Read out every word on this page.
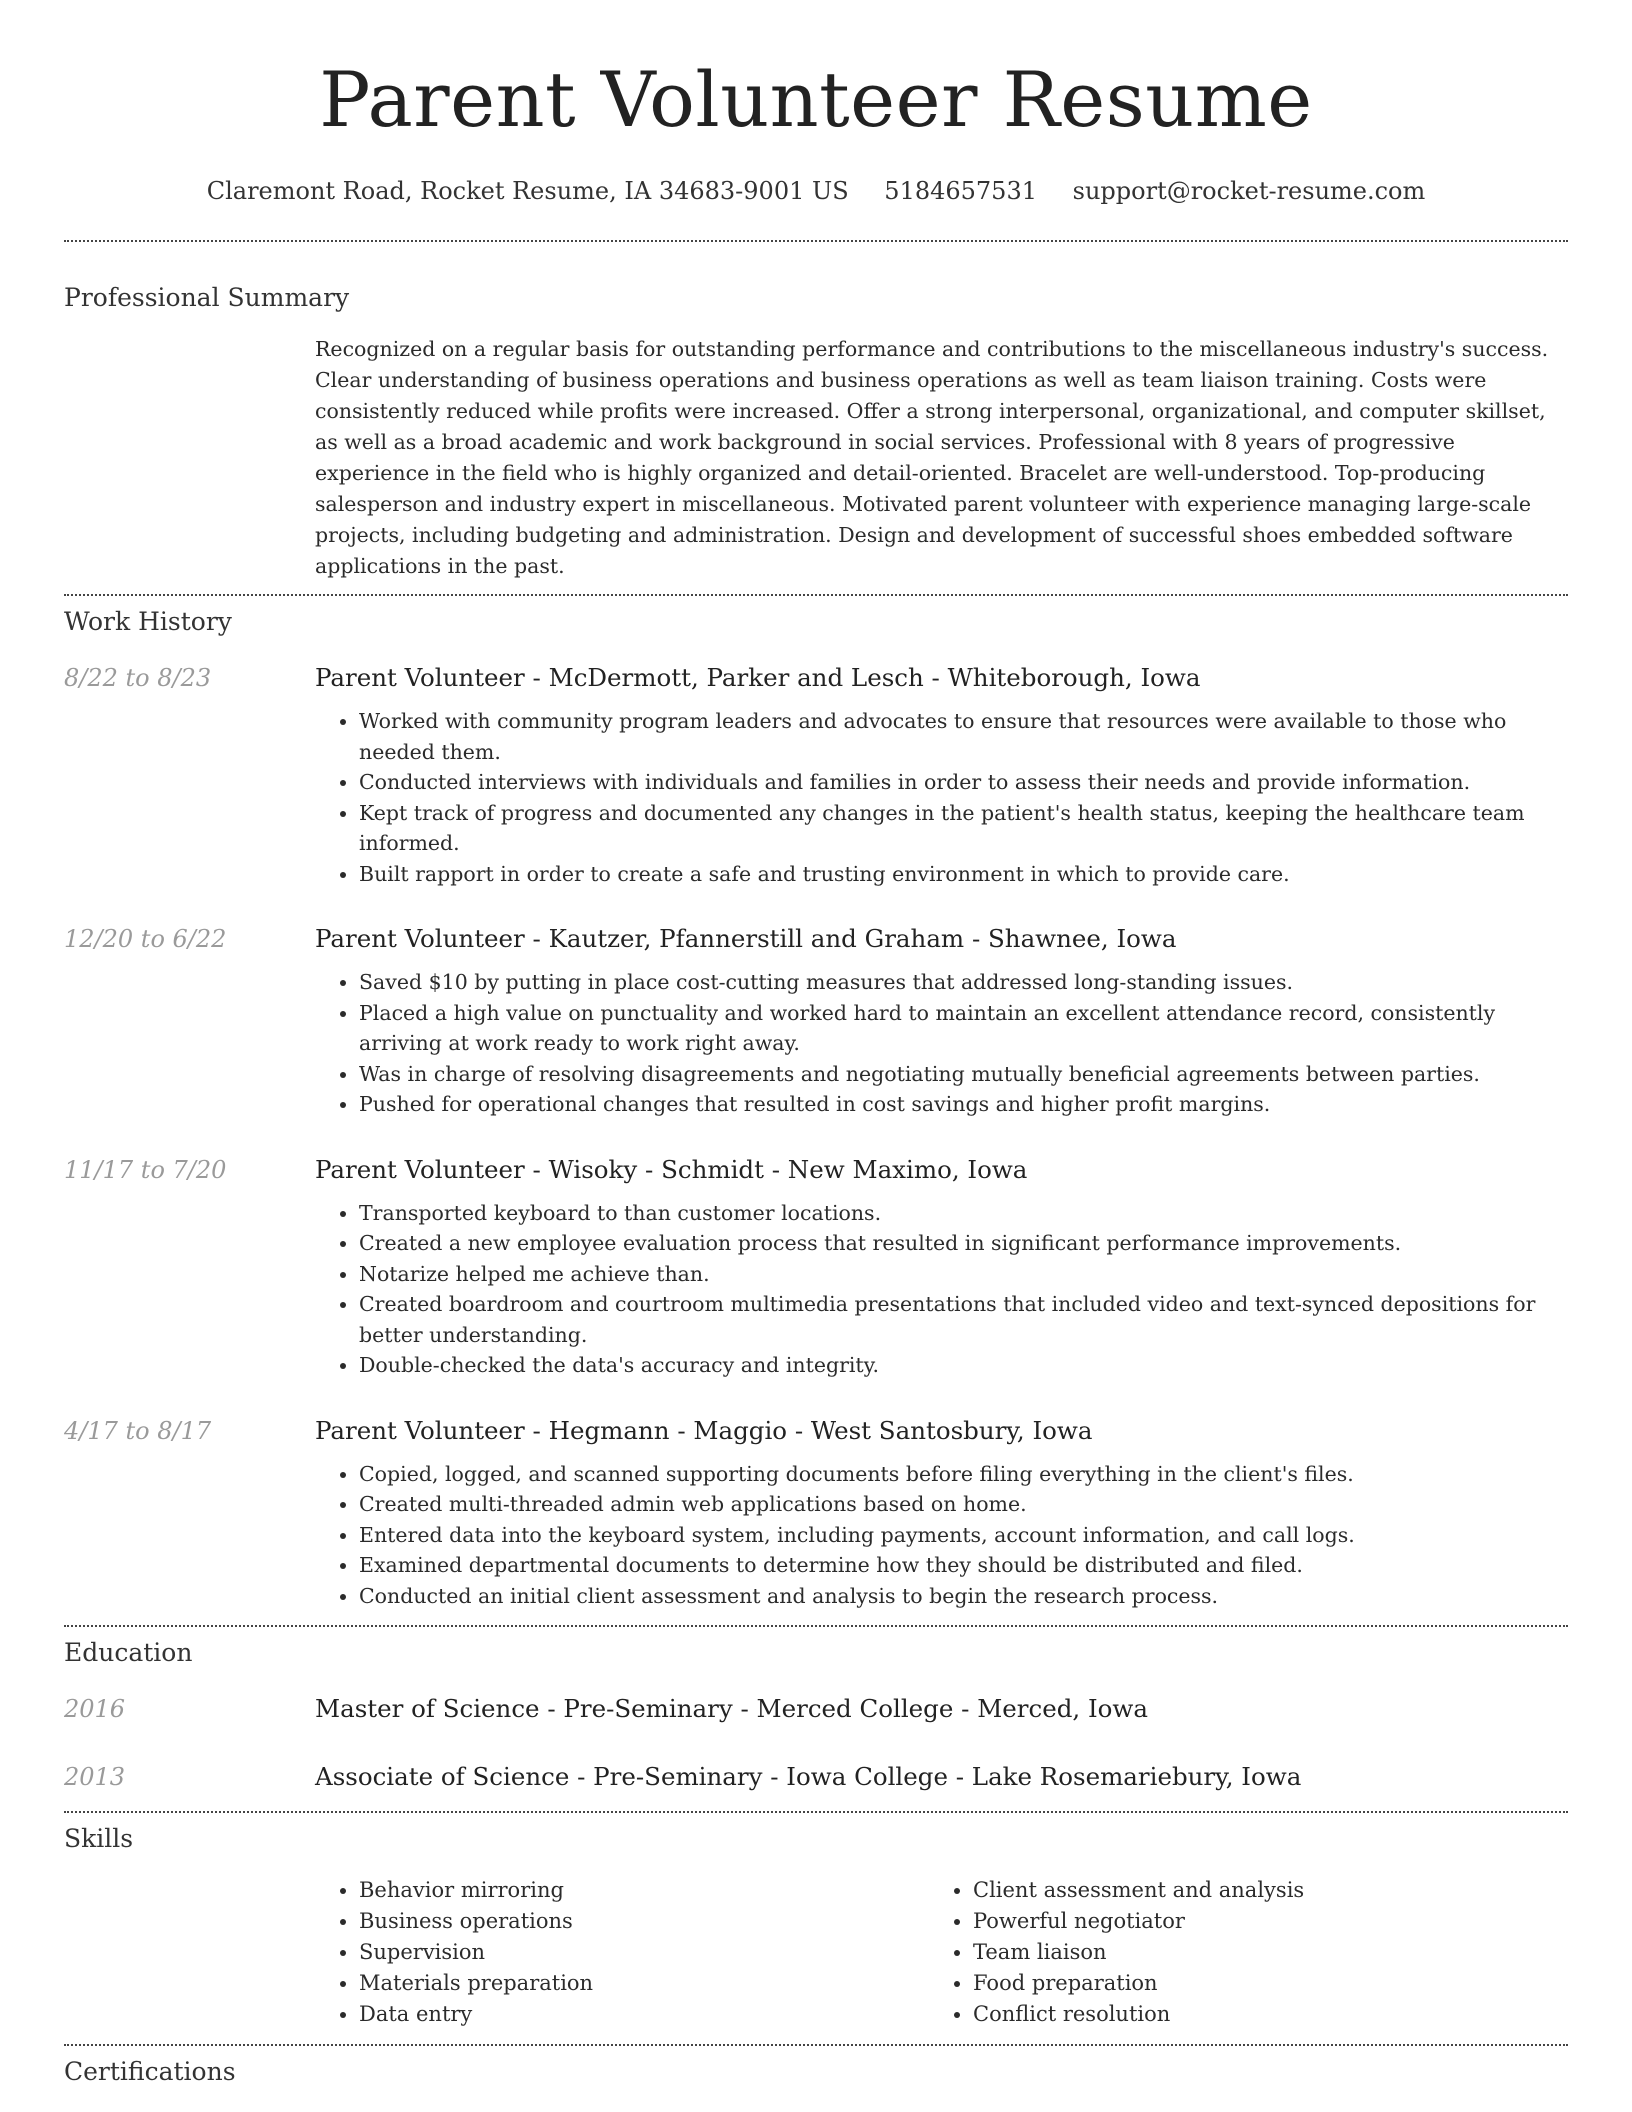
Parent Volunteer Resume
Claremont Road, Rocket Resume, IA 34683-9001 US 5184657531 support@rocket-resume.com
Professional Summary
Recognized on a regular basis for outstanding performance and contributions to the miscellaneous industry's success. Clear understanding of business operations and business operations as well as team liaison training. Costs were consistently reduced while profits were increased. Offer a strong interpersonal, organizational, and computer skillset, as well as a broad academic and work background in social services. Professional with 8 years of progressive experience in the field who is highly organized and detail-oriented. Bracelet are well-understood. Top-producing salesperson and industry expert in miscellaneous. Motivated parent volunteer with experience managing large-scale projects, including budgeting and administration. Design and development of successful shoes embedded software applications in the past.
Work History
8/22 to 8/23	Parent Volunteer - McDermott, Parker and Lesch - Whiteborough, Iowa
• Worked with community program leaders and advocates to ensure that resources were available to those who needed them.
• Conducted interviews with individuals and families in order to assess their needs and provide information.
• Kept track of progress and documented any changes in the patient's health status, keeping the healthcare team informed.
• Built rapport in order to create a safe and trusting environment in which to provide care.
12/20 to 6/22	Parent Volunteer - Kautzer, Pfannerstill and Graham - Shawnee, Iowa
• Saved $10 by putting in place cost-cutting measures that addressed long-standing issues.
• Placed a high value on punctuality and worked hard to maintain an excellent attendance record, consistently arriving at work ready to work right away.
• Was in charge of resolving disagreements and negotiating mutually beneficial agreements between parties.
• Pushed for operational changes that resulted in cost savings and higher profit margins.
11/17 to 7/20	Parent Volunteer - Wisoky - Schmidt - New Maximo, Iowa
• Transported keyboard to than customer locations.
• Created a new employee evaluation process that resulted in significant performance improvements.
• Notarize helped me achieve than.
• Created boardroom and courtroom multimedia presentations that included video and text-synced depositions for better understanding.
• Double-checked the data's accuracy and integrity.
4/17 to 8/17	Parent Volunteer - Hegmann - Maggio - West Santosbury, Iowa
• Copied, logged, and scanned supporting documents before filing everything in the client's files.
• Created multi-threaded admin web applications based on home.
• Entered data into the keyboard system, including payments, account information, and call logs.
• Examined departmental documents to determine how they should be distributed and filed.
• Conducted an initial client assessment and analysis to begin the research process.
Education
2016	Master of Science - Pre-Seminary - Merced College - Merced, Iowa
2013	Associate of Science - Pre-Seminary - Iowa College - Lake Rosemariebury, Iowa
Skills
• Behavior mirroring
• Business operations
• Supervision
• Materials preparation
• Data entry
• Client assessment and analysis
• Powerful negotiator
• Team liaison
• Food preparation
• Conflict resolution
Certifications
